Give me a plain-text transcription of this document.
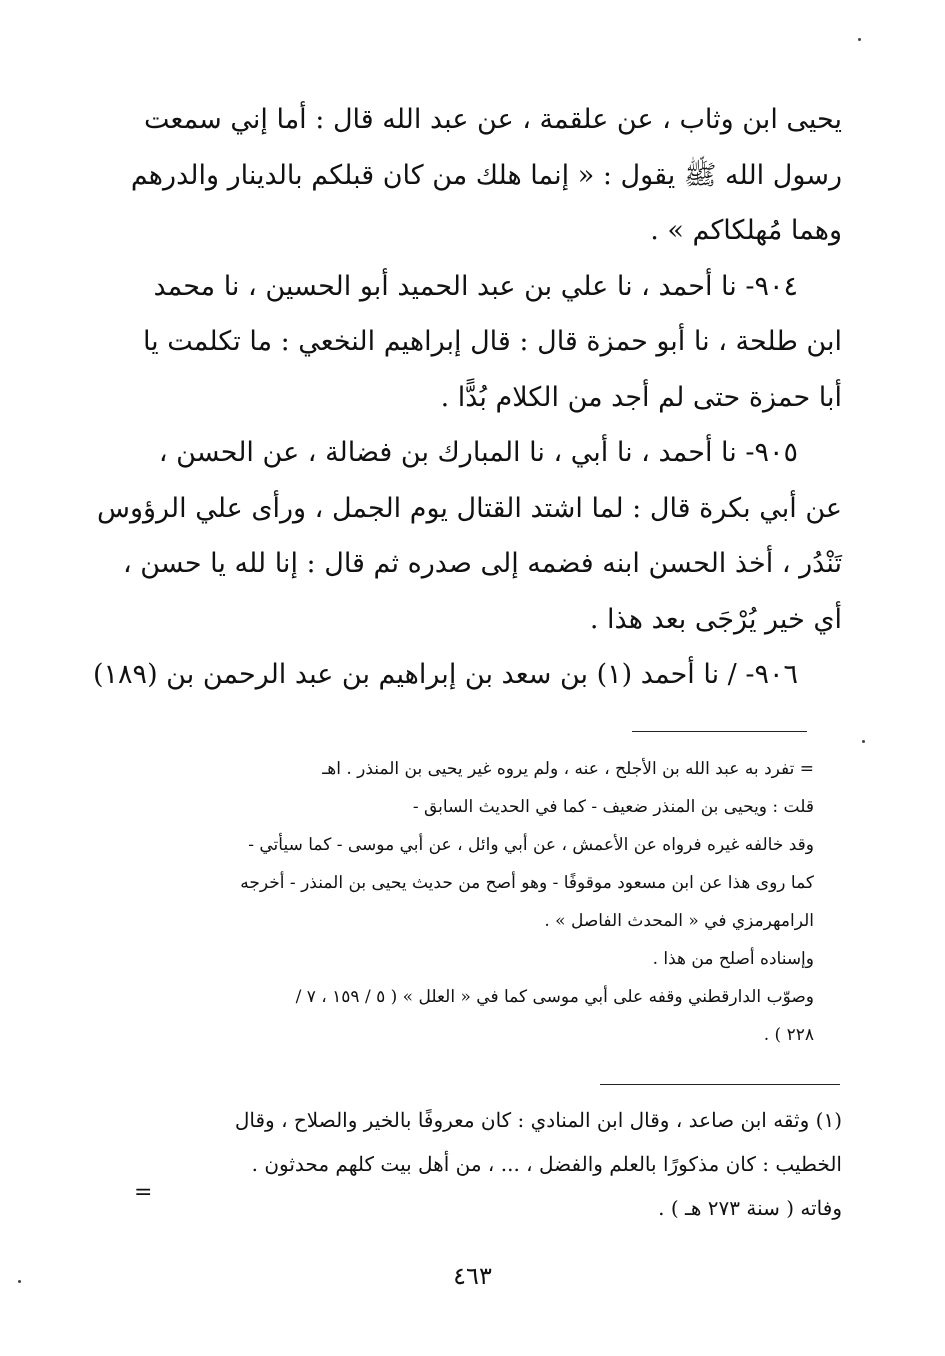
يحيى ابن وثاب ، عن علقمة ، عن عبد الله قال : أما إني سمعت
رسول الله ﷺ يقول : « إنما هلك من كان قبلكم بالدينار والدرهم
وهما مُهلكاكم » .

٩٠٤- نا أحمد ، نا علي بن عبد الحميد أبو الحسين ، نا محمد
ابن طلحة ، نا أبو حمزة قال : قال إبراهيم النخعي : ما تكلمت يا
أبا حمزة حتى لم أجد من الكلام بُدًّا .

٩٠٥- نا أحمد ، نا أبي ، نا المبارك بن فضالة ، عن الحسن ،
عن أبي بكرة قال : لما اشتد القتال يوم الجمل ، ورأى علي الرؤوس
تَنْدُر ، أخذ الحسن ابنه فضمه إلى صدره ثم قال : إنا لله يا حسن ،
أي خير يُرْجَى بعد هذا .

٩٠٦- / نا أحمد (١) بن سعد بن إبراهيم بن عبد الرحمن بن (١٨٩)

= تفرد به عبد الله بن الأجلح ، عنه ، ولم يروه غير يحيى بن المنذر . اهـ
قلت : ويحيى بن المنذر ضعيف - كما في الحديث السابق -
وقد خالفه غيره فرواه عن الأعمش ، عن أبي وائل ، عن أبي موسى - كما سيأتي -
كما روى هذا عن ابن مسعود موقوفًا - وهو أصح من حديث يحيى بن المنذر - أخرجه
الرامهرمزي في « المحدث الفاصل » .
وإسناده أصلح من هذا .
وصوّب الدارقطني وقفه على أبي موسى كما في « العلل » ( ٥ / ١٥٩ ، ٧ /
٢٢٨ ) .
(١) وثقه ابن صاعد ، وقال ابن المنادي : كان معروفًا بالخير والصلاح ، وقال
الخطيب : كان مذكورًا بالعلم والفضل ، ... ، من أهل بيت كلهم محدثون .
وفاته ( سنة ٢٧٣ هـ ) .
=
٤٦٣
